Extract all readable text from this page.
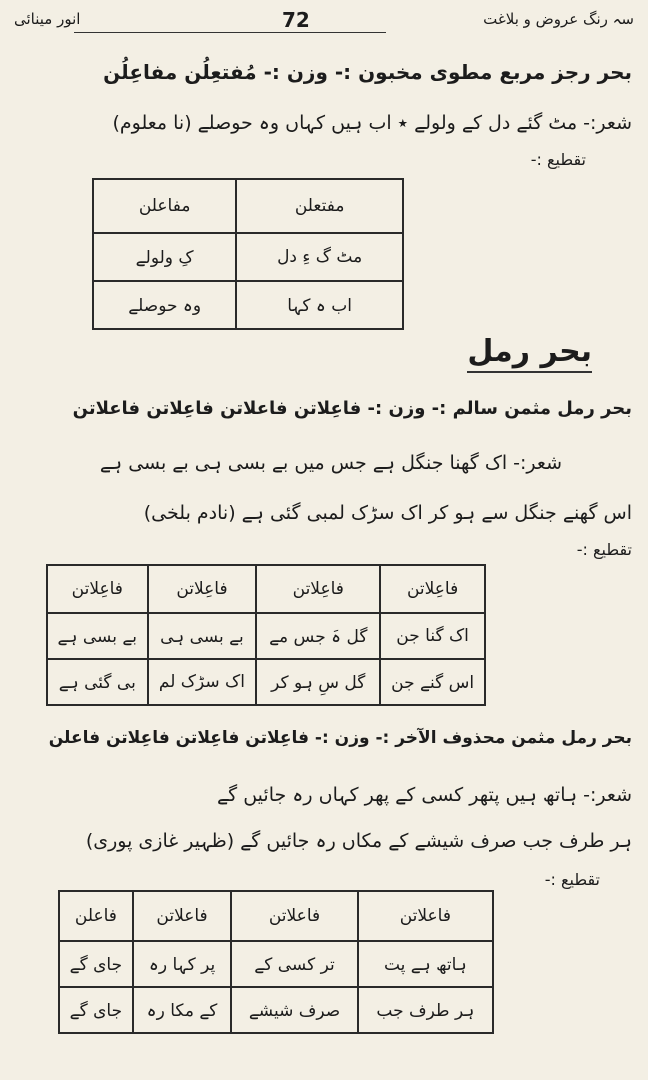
سہ رنگ عروض و بلاغت
72
انور مینائی
بحر رجز مربع مطوی مخبون :- وزن :- مُفتعِلُن مفاعِلُن
شعر:- مٹ گئے دل کے ولولے ٭ اب ہیں کہاں وہ حوصلے (نا معلوم)
تقطیع :-
مفتعلن	مفاعلن
مٹ گ ءِ دل	کِ ولولے
اب ہ کہا	وہ حوصلے
بحر رمل
بحر رمل مثمن سالم :- وزن :- فاعِلاتن فاعلاتن فاعِلاتن فاعلاتن
شعر:- اک گھنا جنگل ہے جس میں بے بسی ہی بے بسی ہے
اس گھنے جنگل سے ہو کر اک سڑک لمبی گئی ہے (نادم بلخی)
تقطیع :-
فاعِلاتن	فاعِلاتن	فاعِلاتن	فاعِلاتن
اک گنا جن	گل ہَ جس مے	بے بسی ہی	بے بسی ہے
اس گنے جن	گل سِ ہو کر	اک سڑک لم	بی گئی ہے
بحر رمل مثمن محذوف الآخر :- وزن :- فاعِلاتن فاعِلاتن فاعِلاتن فاعلن
شعر:- ہاتھ ہیں پتھر کسی کے پھر کہاں رہ جائیں گے
ہر طرف جب صرف شیشے کے مکاں رہ جائیں گے (ظہیر غازی پوری)
تقطیع :-
فاعلاتن	فاعلاتن	فاعلاتن	فاعلن
ہاتھ ہے پت	تر کسی کے	پر کہا رہ	جای گے
ہر طرف جب	صرف شیشے	کے مکا رہ	جای گے
